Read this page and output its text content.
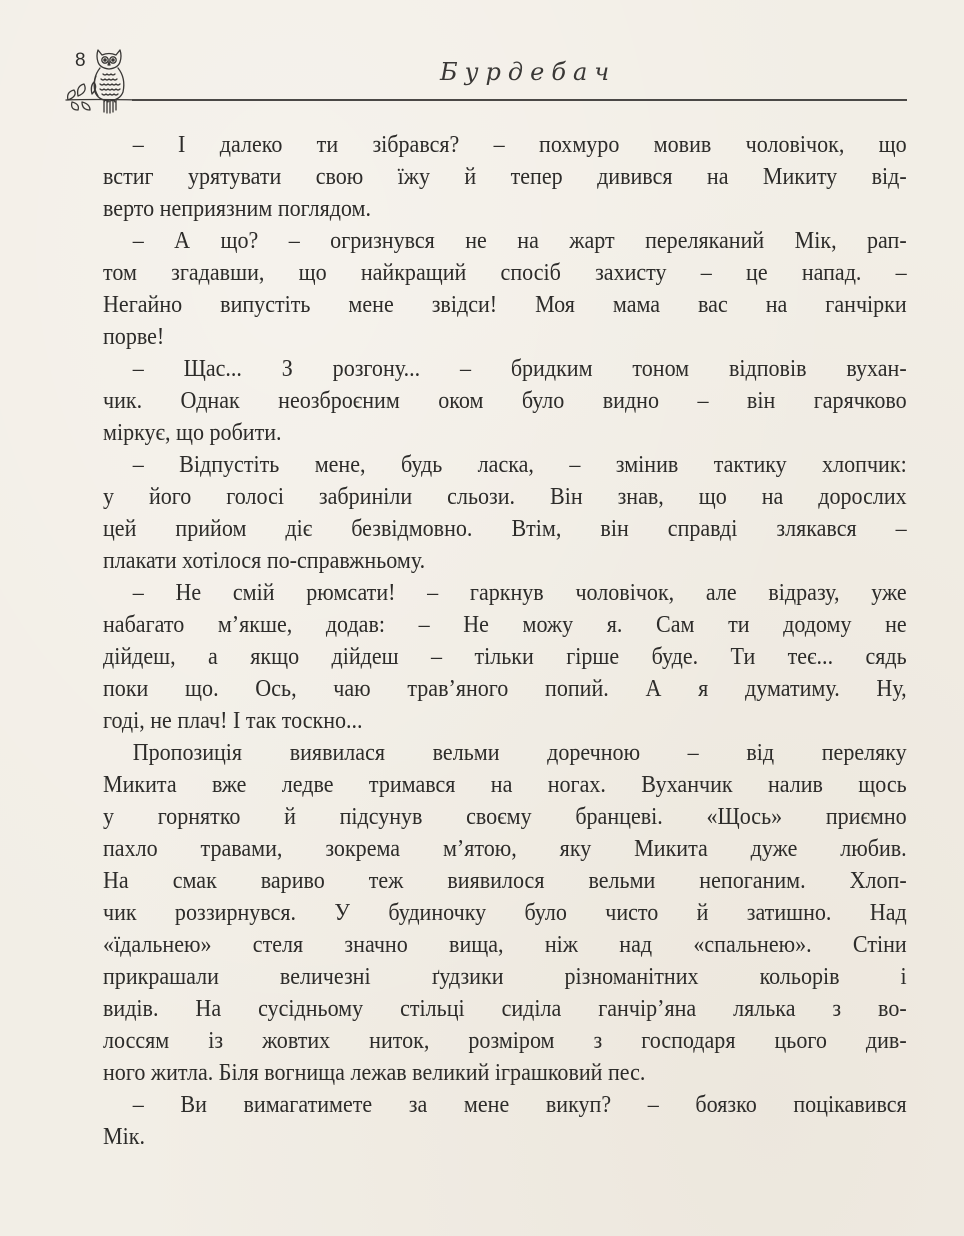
8	Бурдебач
– І далеко ти зібрався? – похмуро мовив чоловічок, що
встиг урятувати свою їжу й тепер дивився на Микиту від-
верто неприязним поглядом.
– А що? – огризнувся не на жарт переляканий Мік, рап-
том згадавши, що найкращий спосіб захисту – це напад. –
Негайно випустіть мене звідси! Моя мама вас на ганчірки
порве!
– Щас... З розгону... – бридким тоном відповів вухан-
чик. Однак неозброєним оком було видно – він гарячково
міркує, що робити.
– Відпустіть мене, будь ласка, – змінив тактику хлопчик:
у його голосі забриніли сльози. Він знав, що на дорослих
цей прийом діє безвідмовно. Втім, він справді злякався –
плакати хотілося по-справжньому.
– Не смій рюмсати! – гаркнув чоловічок, але відразу, уже
набагато м’якше, додав: – Не можу я. Сам ти додому не
дійдеш, а якщо дійдеш – тільки гірше буде. Ти теє... сядь
поки що. Ось, чаю трав’яного попий. А я думатиму. Ну,
годі, не плач! І так тоскно...
Пропозиція виявилася вельми доречною – від переляку
Микита вже ледве тримався на ногах. Вуханчик налив щось
у горнятко й підсунув своєму бранцеві. «Щось» приємно
пахло травами, зокрема м’ятою, яку Микита дуже любив.
На смак вариво теж виявилося вельми непоганим. Хлоп-
чик роззирнувся. У будиночку було чисто й затишно. Над
«їдальнею» стеля значно вища, ніж над «спальнею». Стіни
прикрашали величезні ґудзики різноманітних кольорів і
видів. На сусідньому стільці сиділа ганчір’яна лялька з во-
лоссям із жовтих ниток, розміром з господаря цього див-
ного житла. Біля вогнища лежав великий іграшковий пес.
– Ви вимагатимете за мене викуп? – боязко поцікавився
Мік.
